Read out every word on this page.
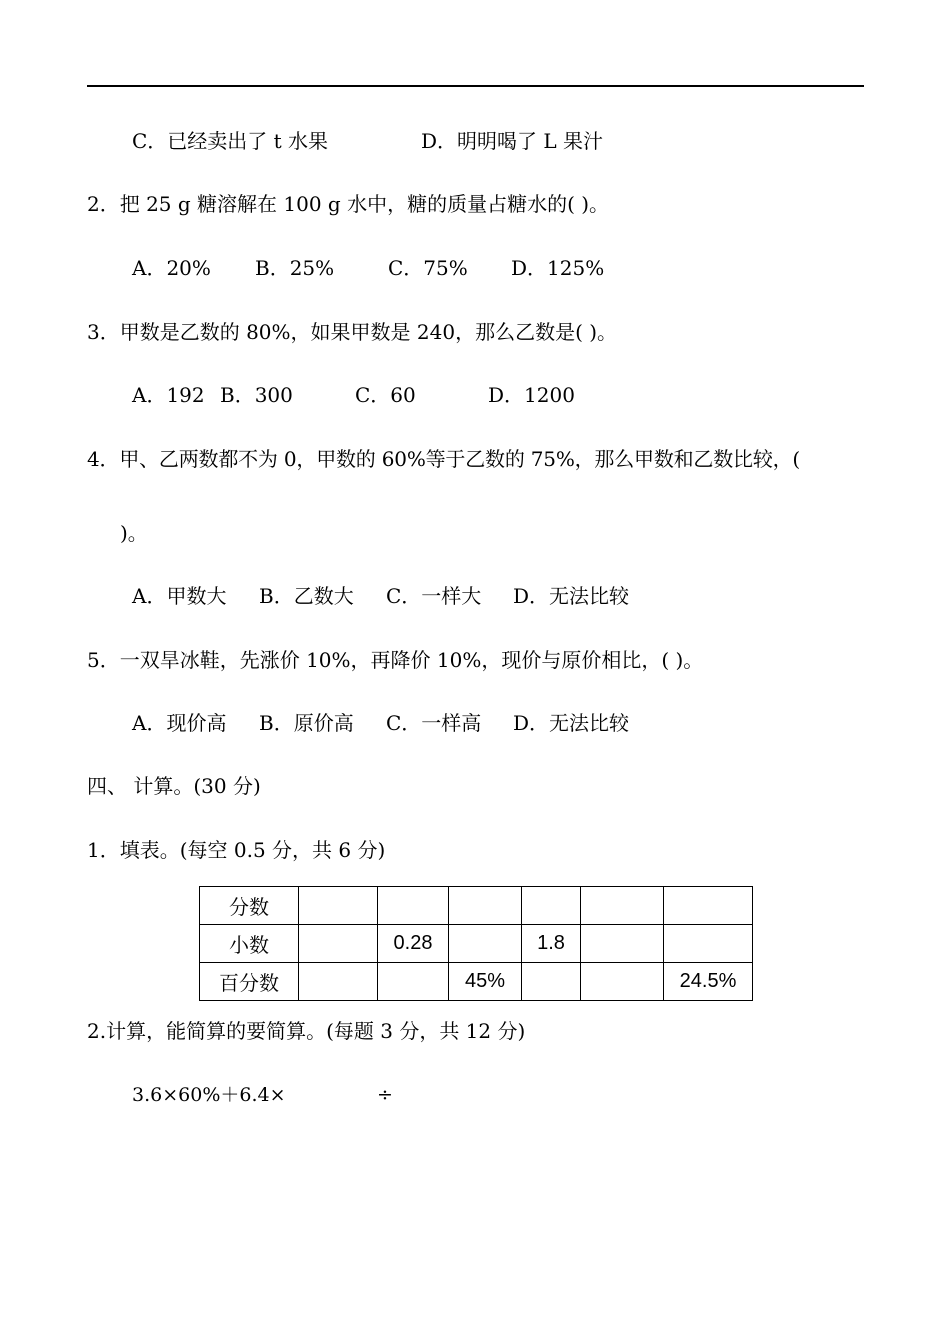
C．已经卖出了 t 水果	D．明明喝了 L 果汁
2．把 25 g 糖溶解在 100 g 水中，糖的质量占糖水的( )。
A．20% B．25%	C．75% D．125%
3．甲数是乙数的 80%，如果甲数是 240，那么乙数是( )。
A．192 B．300	C．60	D．1200
4．甲、乙两数都不为 0，甲数的 60%等于乙数的 75%，那么甲数和乙数比较，(
)。
A．甲数大 B．乙数大 C．一样大 D．无法比较
5．一双旱冰鞋，先涨价 10%，再降价 10%，现价与原价相比，( )。
A．现价高 B．原价高 C．一样高 D．无法比较
四、 计算。(30 分)
1．填表。(每空 0.5 分，共 6 分)
分数						
小数		0.28		1.8		
百分数			45%			24.5%
2.计算，能简算的要简算。(每题 3 分，共 12 分)
3.6×60%＋6.4×	÷
